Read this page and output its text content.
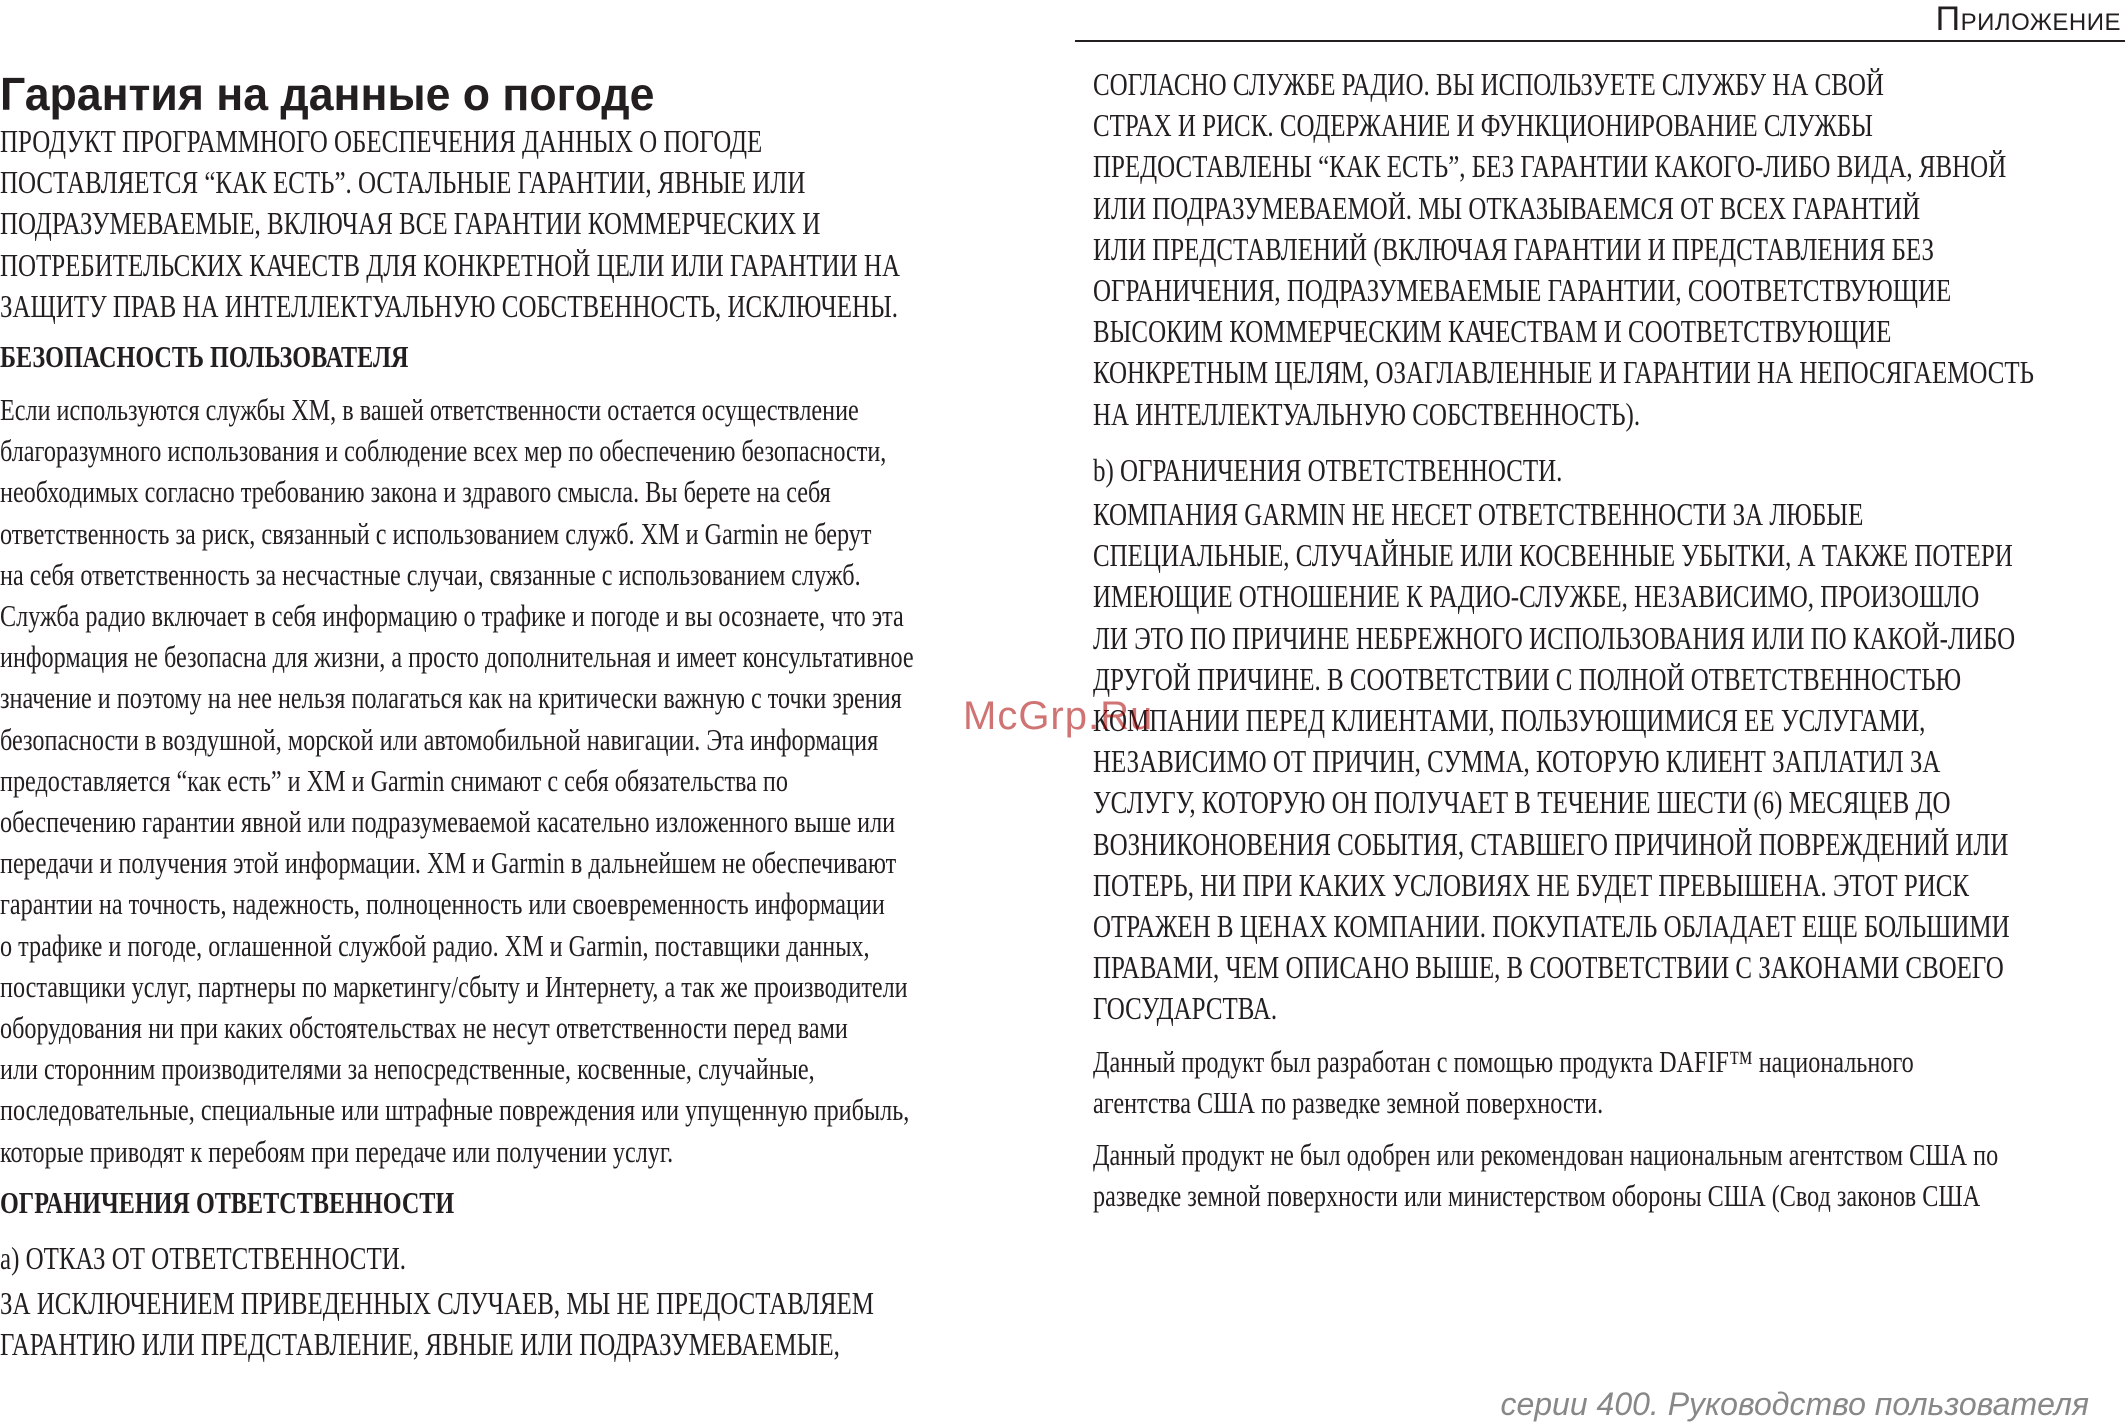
Приложение
Гарантия на данные о погоде

ПРОДУКТ ПРОГРАММНОГО ОБЕСПЕЧЕНИЯ ДАННЫХ О ПОГОДЕ
ПОСТАВЛЯЕТСЯ “КАК ЕСТЬ”. ОСТАЛЬНЫЕ ГАРАНТИИ, ЯВНЫЕ ИЛИ
ПОДРАЗУМЕВАЕМЫЕ, ВКЛЮЧАЯ ВСЕ ГАРАНТИИ КОММЕРЧЕСКИХ И
ПОТРЕБИТЕЛЬСКИХ КАЧЕСТВ ДЛЯ КОНКРЕТНОЙ ЦЕЛИ ИЛИ ГАРАНТИИ НА
ЗАЩИТУ ПРАВ НА ИНТЕЛЛЕКТУАЛЬНУЮ СОБСТВЕННОСТЬ, ИСКЛЮЧЕНЫ.

БЕЗОПАСНОСТЬ ПОЛЬЗОВАТЕЛЯ

Если используются службы XM, в вашей ответственности остается осуществление
благоразумного использования и соблюдение всех мер по обеспечению безопасности,
необходимых согласно требованию закона и здравого смысла. Вы берете на себя
ответственность за риск, связанный с использованием служб. XM и Garmin не берут
на себя ответственность за несчастные случаи, связанные с использованием служб.
Служба радио включает в себя информацию о трафике и погоде и вы осознаете, что эта
информация не безопасна для жизни, а просто дополнительная и имеет консультативное
значение и поэтому на нее нельзя полагаться как на критически важную с точки зрения
безопасности в воздушной, морской или автомобильной навигации. Эта информация
предоставляется “как есть” и XM и Garmin снимают с себя обязательства по
обеспечению гарантии явной или подразумеваемой касательно изложенного выше или
передачи и получения этой информации. XM и Garmin в дальнейшем не обеспечивают
гарантии на точность, надежность, полноценность или своевременность информации
о трафике и погоде, оглашенной службой радио. XM и Garmin, поставщики данных,
поставщики услуг, партнеры по маркетингу/сбыту и Интернету, а так же производители
оборудования ни при каких обстоятельствах не несут ответственности перед вами
или сторонним производителями за непосредственные, косвенные, случайные,
последовательные, специальные или штрафные повреждения или упущенную прибыль,
которые приводят к перебоям при передаче или получении услуг.

ОГРАНИЧЕНИЯ ОТВЕТСТВЕННОСТИ

a) ОТКАЗ ОТ ОТВЕТСТВЕННОСТИ.

ЗА ИСКЛЮЧЕНИЕМ ПРИВЕДЕННЫХ СЛУЧАЕВ, МЫ НЕ ПРЕДОСТАВЛЯЕМ
ГАРАНТИЮ ИЛИ ПРЕДСТАВЛЕНИЕ, ЯВНЫЕ ИЛИ ПОДРАЗУМЕВАЕМЫЕ,

СОГЛАСНО СЛУЖБЕ РАДИО. ВЫ ИСПОЛЬЗУЕТЕ СЛУЖБУ НА СВОЙ
СТРАХ И РИСК. СОДЕРЖАНИЕ И ФУНКЦИОНИРОВАНИЕ СЛУЖБЫ
ПРЕДОСТАВЛЕНЫ “КАК ЕСТЬ”, БЕЗ ГАРАНТИИ КАКОГО-ЛИБО ВИДА, ЯВНОЙ
ИЛИ ПОДРАЗУМЕВАЕМОЙ. МЫ ОТКАЗЫВАЕМСЯ ОТ ВСЕХ ГАРАНТИЙ
ИЛИ ПРЕДСТАВЛЕНИЙ (ВКЛЮЧАЯ ГАРАНТИИ И ПРЕДСТАВЛЕНИЯ БЕЗ
ОГРАНИЧЕНИЯ, ПОДРАЗУМЕВАЕМЫЕ ГАРАНТИИ, СООТВЕТСТВУЮЩИЕ
ВЫСОКИМ КОММЕРЧЕСКИМ КАЧЕСТВАМ И СООТВЕТСТВУЮЩИЕ
КОНКРЕТНЫМ ЦЕЛЯМ, ОЗАГЛАВЛЕННЫЕ И ГАРАНТИИ НА НЕПОСЯГАЕМОСТЬ
НА ИНТЕЛЛЕКТУАЛЬНУЮ СОБСТВЕННОСТЬ).

b) ОГРАНИЧЕНИЯ ОТВЕТСТВЕННОСТИ.

КОМПАНИЯ GARMIN НЕ НЕСЕТ ОТВЕТСТВЕННОСТИ ЗА ЛЮБЫЕ
СПЕЦИАЛЬНЫЕ, СЛУЧАЙНЫЕ ИЛИ КОСВЕННЫЕ УБЫТКИ, А ТАКЖЕ ПОТЕРИ
ИМЕЮЩИЕ ОТНОШЕНИЕ К РАДИО-СЛУЖБЕ, НЕЗАВИСИМО, ПРОИЗОШЛО
ЛИ ЭТО ПО ПРИЧИНЕ НЕБРЕЖНОГО ИСПОЛЬЗОВАНИЯ ИЛИ ПО КАКОЙ-ЛИБО
ДРУГОЙ ПРИЧИНЕ. В СООТВЕТСТВИИ С ПОЛНОЙ ОТВЕТСТВЕННОСТЬЮ
КОМПАНИИ ПЕРЕД КЛИЕНТАМИ, ПОЛЬЗУЮЩИМИСЯ ЕЕ УСЛУГАМИ,
НЕЗАВИСИМО ОТ ПРИЧИН, СУММА, КОТОРУЮ КЛИЕНТ ЗАПЛАТИЛ ЗА
УСЛУГУ, КОТОРУЮ ОН ПОЛУЧАЕТ В ТЕЧЕНИЕ ШЕСТИ (6) МЕСЯЦЕВ ДО
ВОЗНИКОНОВЕНИЯ СОБЫТИЯ, СТАВШЕГО ПРИЧИНОЙ ПОВРЕЖДЕНИЙ ИЛИ
ПОТЕРЬ, НИ ПРИ КАКИХ УСЛОВИЯХ НЕ БУДЕТ ПРЕВЫШЕНА. ЭТОТ РИСК
ОТРАЖЕН В ЦЕНАХ КОМПАНИИ. ПОКУПАТЕЛЬ ОБЛАДАЕТ ЕЩЕ БОЛЬШИМИ
ПРАВАМИ, ЧЕМ ОПИСАНО ВЫШЕ, В СООТВЕТСТВИИ С ЗАКОНАМИ СВОЕГО
ГОСУДАРСТВА.

Данный продукт был разработан с помощью продукта DAFIF™ национального
агентства США по разведке земной поверхности.

Данный продукт не был одобрен или рекомендован национальным агентством США по
разведке земной поверхности или министерством обороны США (Свод законов США

McGrp.Ru
серии 400. Руководство пользователя
